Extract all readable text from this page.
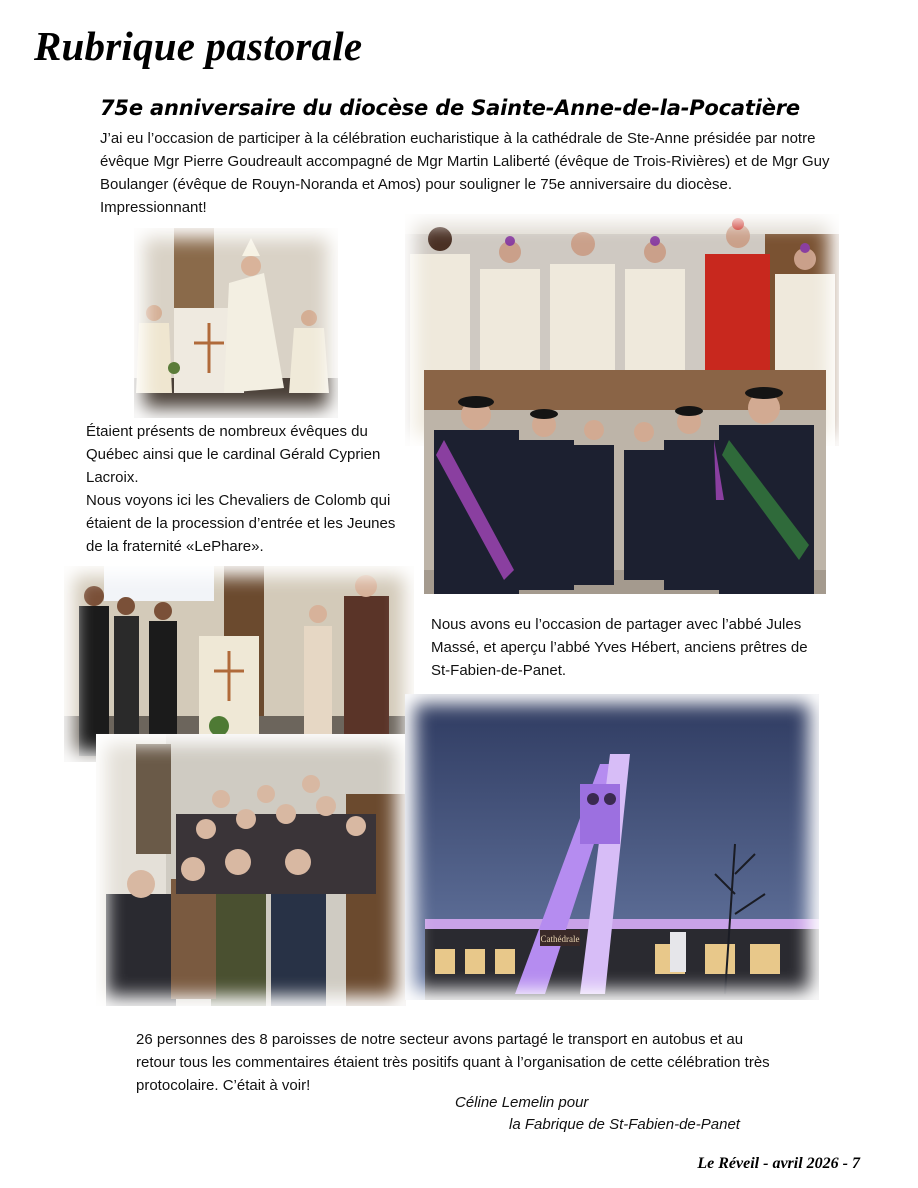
Rubrique pastorale
75e anniversaire du diocèse de Sainte-Anne-de-la-Pocatière

J’ai eu l’occasion de participer à la célébration eucharistique à la cathédrale de Ste-Anne présidée par notre évêque Mgr Pierre Goudreault accompagné de Mgr Martin Laliberté (évêque de Trois-Rivières) et de Mgr Guy Boulanger (évêque de Rouyn-Noranda et Amos) pour souligner le 75e anniversaire du diocèse. Impressionnant!

Étaient présents de nombreux évêques du Québec ainsi que le cardinal Gérald Cyprien Lacroix.
Nous voyons ici les Chevaliers de Colomb qui étaient de la procession d’entrée et les Jeunes de la fraternité «LePhare».

Nous avons eu l’occasion de partager avec l’abbé Jules Massé, et aperçu l’abbé Yves Hébert, anciens prêtres de St-Fabien-de-Panet.

Cathédrale

26 personnes des 8 paroisses de notre secteur avons partagé le transport en autobus et au retour tous les commentaires étaient très positifs quant à l’organisation de cette célébration très protocolaire. C’était à voir!

Céline Lemelin pour

la Fabrique de St-Fabien-de-Panet

Le Réveil - avril 2026 - 7
